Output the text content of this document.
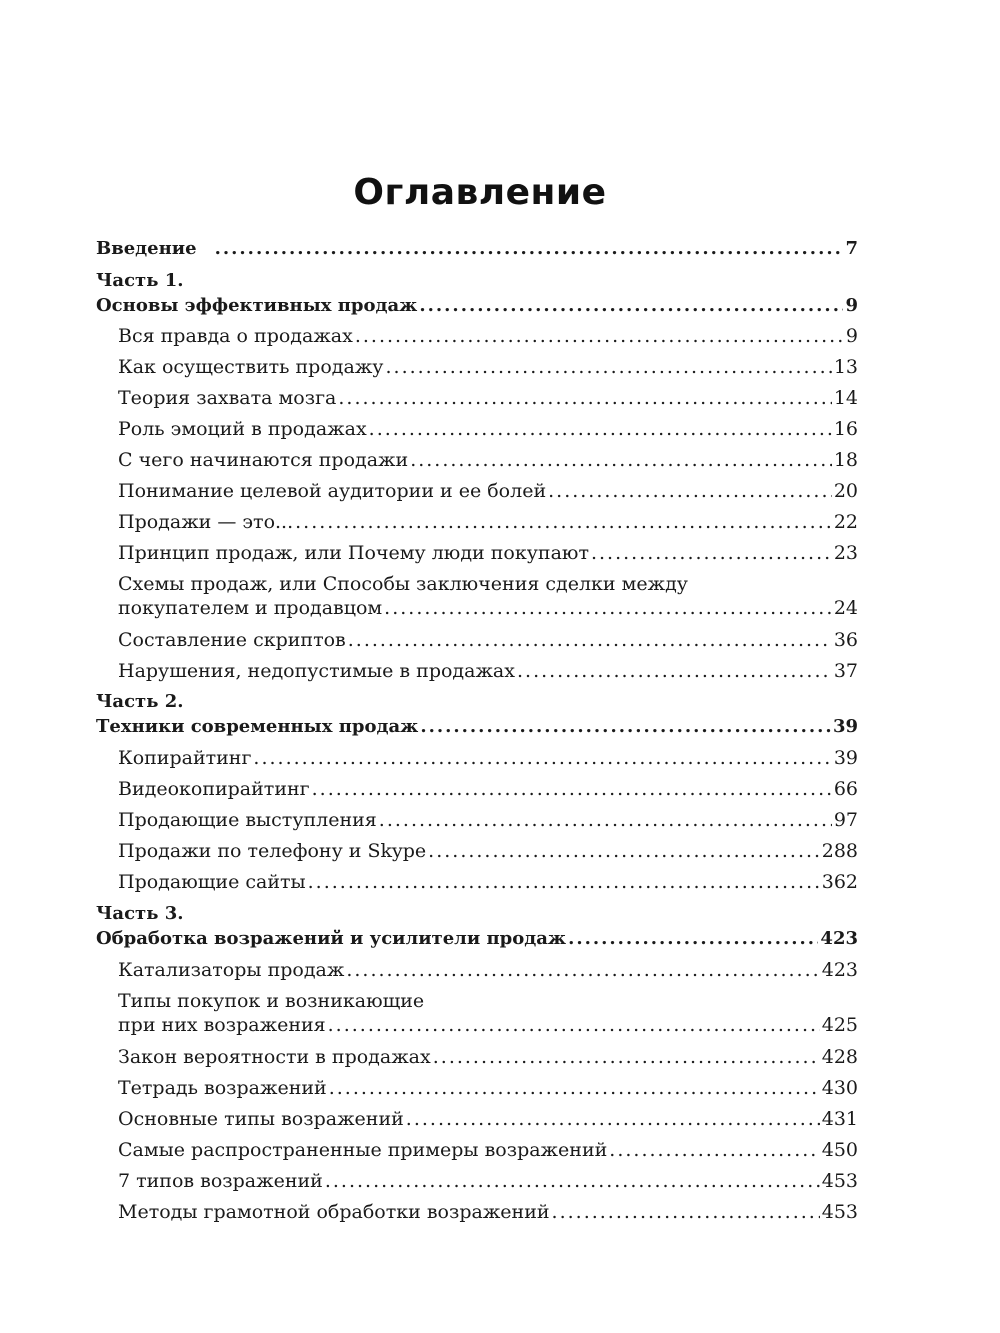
Оглавление
Введение .....	7
Часть 1.
Основы эффективных продаж .....	9
Вся правда о продажах .....	9
Как осуществить продажу .....	13
Теория захвата мозга .....	14
Роль эмоций в продажах .....	16
С чего начинаются продажи .....	18
Понимание целевой аудитории и ее болей .....	20
Продажи — это... .....	22
Принцип продаж, или Почему люди покупают .....	23
Схемы продаж, или Способы заключения сделки между
покупателем и продавцом .....	24
Составление скриптов .....	36
Нарушения, недопустимые в продажах .....	37
Часть 2.
Техники современных продаж .....	39
Копирайтинг .....	39
Видеокопирайтинг .....	66
Продающие выступления .....	97
Продажи по телефону и Skype .....	288
Продающие сайты .....	362
Часть 3.
Обработка возражений и усилители продаж .....	423
Катализаторы продаж .....	423
Типы покупок и возникающие
при них возражения .....	425
Закон вероятности в продажах .....	428
Тетрадь возражений .....	430
Основные типы возражений .....	431
Самые распространенные примеры возражений .....	450
7 типов возражений .....	453
Методы грамотной обработки возражений .....	453
